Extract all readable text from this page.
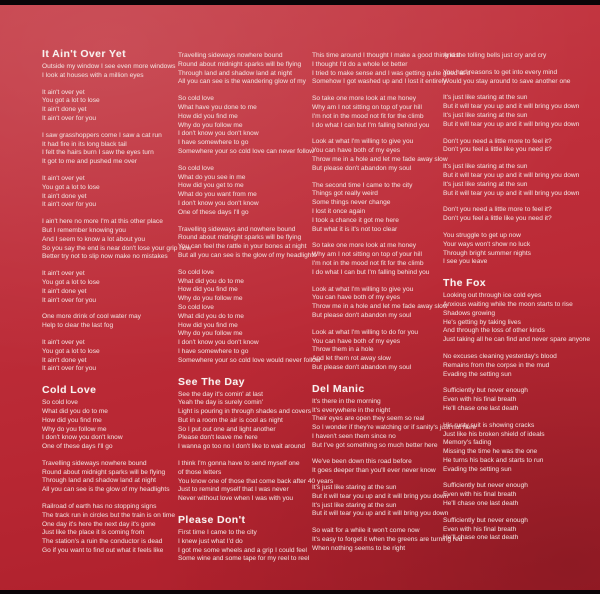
It Ain't Over Yet
Outside my window I see even more windows
I look at houses with a million eyes
It ain't over yet
You got a lot to lose
It ain't done yet
It ain't over for you
I saw grasshoppers come I saw a cat run
It had fire in its long black tail
I felt the hairs burn I saw the eyes turn
It got to me and pushed me over
It ain't over yet
You got a lot to lose
It ain't done yet
It ain't over for you
I ain't here no more I'm at this other place
But I remember knowing you
And I seem to know a lot about you
So you say the end is near don't lose your grip now
Better try not to slip now make no mistakes
It ain't over yet
You got a lot to lose
It ain't done yet
It ain't over for you
One more drink of cool water may
Help to clear the last fog
It ain't over yet
You got a lot to lose
It ain't done yet
It ain't over for you
Cold Love
So cold love
What did you do to me
How did you find me
Why do you follow me
I don't know you don't know
One of these days I'll go
Travelling sideways nowhere bound
Round about midnight sparks will be flying
Through land and shadow land at night
All you can see is the glow of my headlights
Railroad of earth has no stopping signs
The track run in circles but the train is on time
One day it's here the next day it's gone
Just like the place it is coming from
The station's a ruin the conductor is dead
Go if you want to find out what it feels like
Travelling sideways nowhere bound
Round about midnight sparks will be flying
Through land and shadow land at night
All you can see is the wandering glow of my
So cold love
What have you done to me
How did you find me
Why do you follow me
I don't know you don't know
I have somewhere to go
Somewhere your so cold love can never follow
So cold love
What do you see in me
How did you get to me
What do you want from me
I don't know you don't know
One of these days I'll go
Travelling sideways and nowhere bound
Round about midnight sparks will be flying
You can feel the rattle in your bones at night
But all you can see is the glow of my headlights
So cold love
What did you do to me
How did you find me
Why do you follow me
So cold love
What did you do to me
How did you find me
Why do you follow me
I don't know you don't know
I have somewhere to go
Somewhere your so cold love would never follow
See The Day
See the day it's comin' at last
Yeah the day is surely comin'
Light is pouring in through shades and covers
But in a room the air is cool as night
So I put out one and light another
Please don't leave me here
I wanna go too no I don't like to wait around
I think I'm gonna have to send myself one
of those letters
You know one of those that come back after 40 years
Just to remind myself that I was never
Never without love when I was with you
Please Don't
First time I came to the city
I knew just what I'd do
I got me some wheels and a grip I could feel
Some wine and some tape for my reel to reel
This time around I thought I make a good thing last
I thought I'd do a whole lot better
I tried to make sense and I was getting quite good at it
Somehow I got washed up and I lost it entirely
So take one more look at me honey
Why am I not sitting on top of your hill
I'm not in the mood not fit for the climb
I do what I can but I'm falling behind you
Look at what I'm willing to give you
You can have both of my eyes
Throw me in a hole and let me fade away slow
But please don't abandon my soul
The second time I came to the city
Things got really weird
Some things never change
I lost it once again
I took a chance it got me here
But what it is it's not too clear
So take one more look at me honey
Why am I not sitting on top of your hill
I'm not in the mood not fit for the climb
I do what I can but I'm falling behind you
Look at what I'm willing to give you
You can have both of my eyes
Throw me in a hole and let me fade away slow
But please don't abandon my soul
Look at what I'm willing to do for you
You can have both of my eyes
Throw them in a hole
And let them rot away slow
But please don't abandon my soul
Del Manic
It's there in the morning
It's everywhere in the night
Their eyes are open they seem so real
So I wonder if they're watching or if sanity's just not here
I haven't seen them since no
But I've got something so much better here
We've been down this road before
It goes deeper than you'll ever never know
It's just like staring at the sun
But it will tear you up and it will bring you down
It's just like staring at the sun
But it will tear you up and it will bring you down
So wait for a while it won't come now
It's easy to forget it when the greens are turning red
When nothing seems to be right
And the tolling bells just cry and cry
You had reasons to get into every mind
Would you stay around to save another one
It's just like staring at the sun
But it will tear you up and it will bring you down
It's just like staring at the sun
But it will tear you up and it will bring you down
Don't you need a little more to feel it?
Don't you feel a little like you need it?
It's just like staring at the sun
But it will tear you up and it will bring you down
It's just like staring at the sun
But it will tear you up and it will bring you down
Don't you need a little more to feel it?
Don't you feel a little like you need it?
You struggle to get up now
Your ways won't show no luck
Through bright summer nights
I see you leave
The Fox
Looking out through ice cold eyes
Anxious waiting while the moon starts to rise
Shadows growing
He's getting by taking lives
And through the loss of other kinds
Just taking all he can find and never spare anyone
No excuses cleaning yesterday's blood
Remains from the corpse in the mud
Evading the setting sun
Sufficiently but never enough
Even with his final breath
He'll chase one last death
His rusty suit is showing cracks
Just like his broken shield of ideals
Memory's fading
Missing the time he was the one
He turns his back and starts to run
Evading the setting sun
Sufficiently but never enough
Even with his final breath
He'll chase one last death
Sufficiently but never enough
Even with his final breath
He'll chase one last death
